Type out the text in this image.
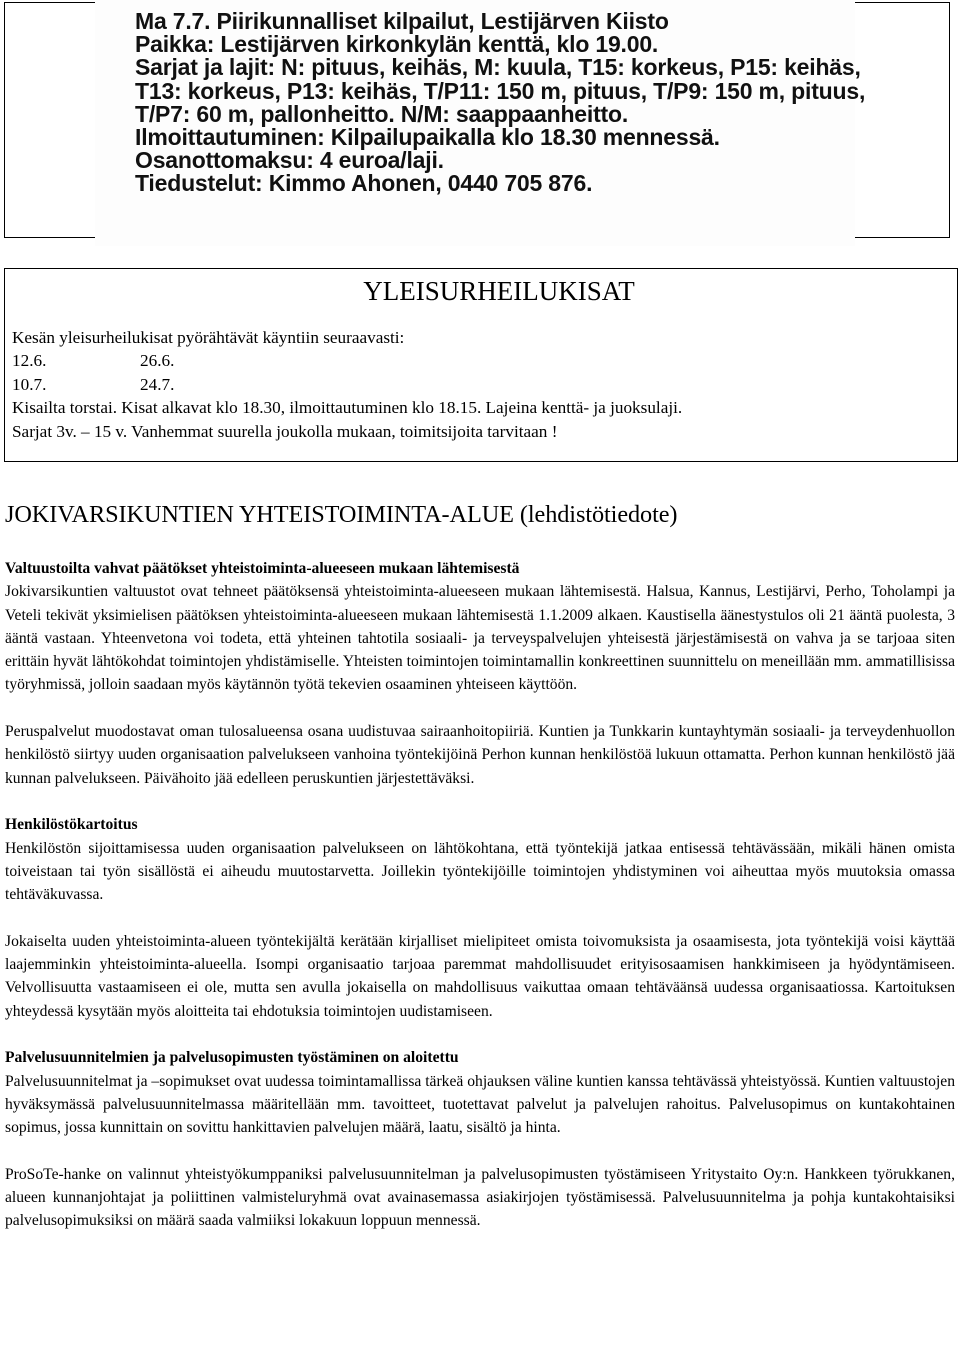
Ma 7.7. Piirikunnalliset kilpailut, Lestijärven Kiisto
Paikka: Lestijärven kirkonkylän kenttä, klo 19.00.
Sarjat ja lajit: N: pituus, keihäs, M: kuula, T15: korkeus, P15: keihäs,
T13: korkeus, P13: keihäs, T/P11: 150 m, pituus, T/P9: 150 m, pituus,
T/P7: 60 m, pallonheitto. N/M: saappaanheitto.
Ilmoittautuminen: Kilpailupaikalla klo 18.30 mennessä.
Osanottomaksu: 4 euroa/laji.
Tiedustelut: Kimmo Ahonen, 0440 705 876.
YLEISURHEILUKISAT
Kesän yleisurheilukisat pyörähtävät käyntiin seuraavasti:
12.6.	26.6.
10.7.	24.7.
Kisailta torstai. Kisat alkavat klo 18.30, ilmoittautuminen klo 18.15. Lajeina kenttä- ja juoksulaji.
Sarjat 3v. – 15 v. Vanhemmat suurella joukolla mukaan, toimitsijoita tarvitaan !
JOKIVARSIKUNTIEN YHTEISTOIMINTA-ALUE (lehdistötiedote)

Valtuustoilta vahvat päätökset yhteistoiminta-alueeseen mukaan lähtemisestä
Jokivarsikuntien valtuustot ovat tehneet päätöksensä yhteistoiminta-alueeseen mukaan lähtemisestä. Halsua, Kannus, Lestijärvi, Perho, Toholampi ja Veteli tekivät yksimielisen päätöksen yhteistoiminta-alueeseen mukaan lähtemisestä 1.1.2009 alkaen. Kaustisella äänestystulos oli 21 ääntä puolesta, 3 ääntä vastaan. Yhteenvetona voi todeta, että yhteinen tahtotila sosiaali- ja terveyspalvelujen yhteisestä järjestämisestä on vahva ja se tarjoaa siten erittäin hyvät lähtökohdat toimintojen yhdistämiselle. Yhteisten toimintojen toimintamallin konkreettinen suunnittelu on meneillään mm. ammatillisissa työryhmissä, jolloin saadaan myös käytännön työtä tekevien osaaminen yhteiseen käyttöön.

Peruspalvelut muodostavat oman tulosalueensa osana uudistuvaa sairaanhoitopiiriä. Kuntien ja Tunkkarin kuntayhtymän sosiaali- ja terveydenhuollon henkilöstö siirtyy uuden organisaation palvelukseen vanhoina työntekijöinä Perhon kunnan henkilöstöä lukuun ottamatta. Perhon kunnan henkilöstö jää kunnan palvelukseen. Päivähoito jää edelleen peruskuntien järjestettäväksi.

Henkilöstökartoitus
Henkilöstön sijoittamisessa uuden organisaation palvelukseen on lähtökohtana, että työntekijä jatkaa entisessä tehtävässään, mikäli hänen omista toiveistaan tai työn sisällöstä ei aiheudu muutostarvetta. Joillekin työntekijöille toimintojen yhdistyminen voi aiheuttaa myös muutoksia omassa tehtäväkuvassa.

Jokaiselta uuden yhteistoiminta-alueen työntekijältä kerätään kirjalliset mielipiteet omista toivomuksista ja osaamisesta, jota työntekijä voisi käyttää laajemminkin yhteistoiminta-alueella. Isompi organisaatio tarjoaa paremmat mahdollisuudet erityisosaamisen hankkimiseen ja hyödyntämiseen. Velvollisuutta vastaamiseen ei ole, mutta sen avulla jokaisella on mahdollisuus vaikuttaa omaan tehtäväänsä uudessa organisaatiossa. Kartoituksen yhteydessä kysytään myös aloitteita tai ehdotuksia toimintojen uudistamiseen.

Palvelusuunnitelmien ja palvelusopimusten työstäminen on aloitettu
Palvelusuunnitelmat ja –sopimukset ovat uudessa toimintamallissa tärkeä ohjauksen väline kuntien kanssa tehtävässä yhteistyössä. Kuntien valtuustojen hyväksymässä palvelusuunnitelmassa määritellään mm. tavoitteet, tuotettavat palvelut ja palvelujen rahoitus. Palvelusopimus on kuntakohtainen sopimus, jossa kunnittain on sovittu hankittavien palvelujen määrä, laatu, sisältö ja hinta.

ProSoTe-hanke on valinnut yhteistyökumppaniksi palvelusuunnitelman ja palvelusopimusten työstämiseen Yritystaito Oy:n. Hankkeen työrukkanen, alueen kunnanjohtajat ja poliittinen valmisteluryhmä ovat avainasemassa asiakirjojen työstämisessä. Palvelusuunnitelma ja pohja kuntakohtaisiksi palvelusopimuksiksi on määrä saada valmiiksi lokakuun loppuun mennessä.
